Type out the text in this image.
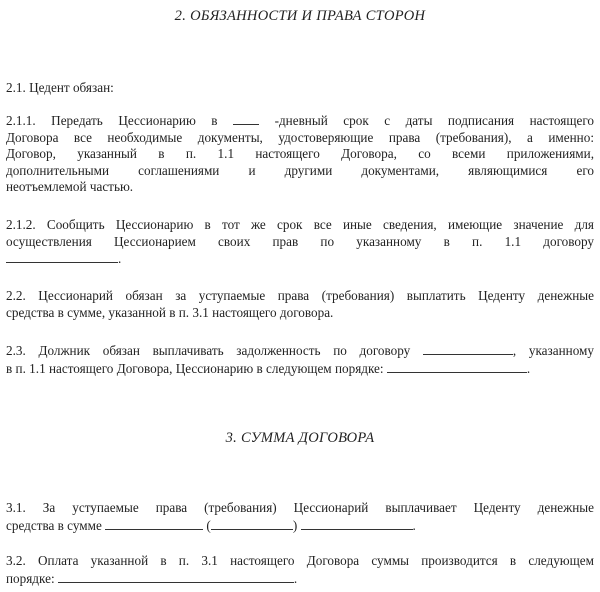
2. ОБЯЗАННОСТИ И ПРАВА СТОРОН
2.1. Цедент обязан:
2.1.1. Передать Цессионарию в	-дневный срок с даты подписания настоящего
Договора все необходимые документы, удостоверяющие права (требования), а именно:
Договор, указанный в п. 1.1 настоящего Договора, со всеми приложениями,
дополнительными соглашениями и другими документами, являющимися его
неотъемлемой частью.
2.1.2. Сообщить Цессионарию в тот же срок все иные сведения, имеющие значение для
осуществления Цессионарием своих прав по указанному в п. 1.1 договору
.
2.2. Цессионарий обязан за уступаемые права (требования) выплатить Цеденту денежные
средства в сумме, указанной в п. 3.1 настоящего договора.
2.3. Должник обязан выплачивать задолженность по договору	, указанному
в п. 1.1 настоящего Договора, Цессионарию в следующем порядке:	.
3. СУММА ДОГОВОРА
3.1. За уступаемые права (требования) Цессионарий выплачивает Цеденту денежные
средства в сумме	(	)	.
3.2. Оплата указанной в п. 3.1 настоящего Договора суммы производится в следующем
порядке:	.
